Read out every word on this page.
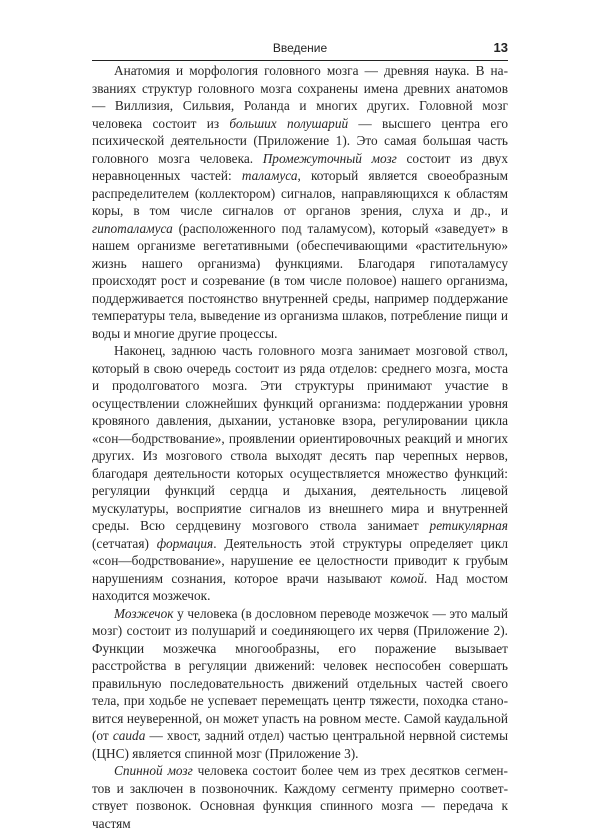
Введение	13

Анатомия и морфология головного мозга — древняя наука. В названиях структур головного мозга сохранены имена древних анатомов — Виллизия, Сильвия, Роланда и многих других. Головной мозг человека состоит из больших полушарий — высшего центра его психической деятельности (Приложение 1). Это самая большая часть головного мозга человека. Промежуточный мозг состоит из двух неравноценных частей: таламуса, который является своеобразным распределителем (коллектором) сигналов, направляющихся к областям коры, в том числе сигналов от органов зрения, слуха и др., и гипоталамуса (расположенного под таламусом), который «заведует» в нашем организме вегетативными (обеспечивающими «растительную» жизнь нашего организма) функциями. Благодаря гипоталамусу происходят рост и созревание (в том числе половое) нашего организма, поддерживается постоянство внутренней среды, например поддержание температуры тела, выведение из организма шлаков, потребление пищи и воды и многие другие процессы.

Наконец, заднюю часть головного мозга занимает мозговой ствол, который в свою очередь состоит из ряда отделов: среднего мозга, моста и продолговатого мозга. Эти структуры принимают участие в осуществлении сложнейших функций организма: поддержании уровня кровяного давления, дыхании, установке взора, регулировании цикла «сон—бодрствование», проявлении ориентировочных реакций и многих других. Из мозгового ствола выходят десять пар черепных нервов, благодаря деятельности которых осуществляется множество функций: регуляции функций сердца и дыхания, деятельность лицевой мускулатуры, восприятие сигналов из внешнего мира и внутренней среды. Всю сердцевину мозгового ствола занимает ретикулярная (сетчатая) формация. Деятельность этой структуры определяет цикл «сон—бодрствование», нарушение ее целостности приводит к грубым нарушениям сознания, которое врачи называют комой. Над мостом находится мозжечок.

Мозжечок у человека (в дословном переводе мозжечок — это малый мозг) состоит из полушарий и соединяющего их червя (Приложение 2). Функции мозжечка многообразны, его поражение вызывает расстройства в регуляции движений: человек неспособен совершать правильную последовательность движений отдельных частей своего тела, при ходьбе не успевает перемещать центр тяжести, походка становится неуверенной, он может упасть на ровном месте. Самой каудальной (от cauda — хвост, задний отдел) частью центральной нервной системы (ЦНС) является спинной мозг (Приложение 3).

Спинной мозг человека состоит более чем из трех десятков сегментов и заключен в позвоночник. Каждому сегменту примерно соответствует позвонок. Основная функция спинного мозга — передача к частям
